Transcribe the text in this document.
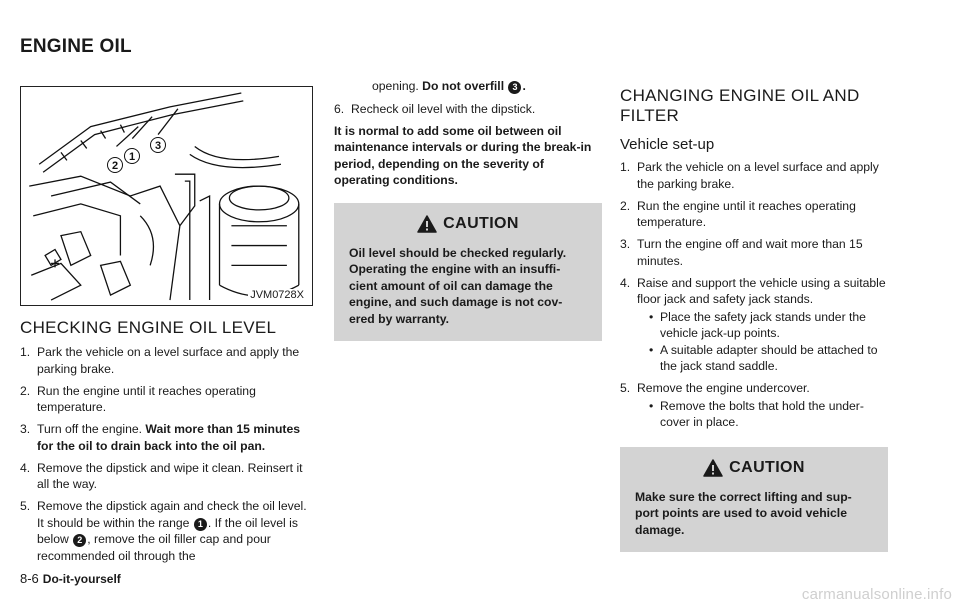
ENGINE OIL
2
1
3
JVM0728X
CHECKING ENGINE OIL LEVEL
1. Park the vehicle on a level surface and apply the parking brake.
2. Run the engine until it reaches operating temperature.
3. Turn off the engine. Wait more than 15 minutes for the oil to drain back into the oil pan.
4. Remove the dipstick and wipe it clean. Reinsert it all the way.
5. Remove the dipstick again and check the oil level. It should be within the range 1 . If the oil level is below 2 , remove the oil filler cap and pour recommended oil through the
opening. Do not overfill 3 .
6. Recheck oil level with the dipstick.

It is normal to add some oil between oil maintenance intervals or during the break-in period, depending on the severity of operating conditions.

CAUTION
Oil level should be checked regularly. Operating the engine with an insuffi-cient amount of oil can damage the engine, and such damage is not cov-ered by warranty.
CHANGING ENGINE OIL AND FILTER
Vehicle set-up
1. Park the vehicle on a level surface and apply the parking brake.
2. Run the engine until it reaches operating temperature.
3. Turn the engine off and wait more than 15 minutes.
4. Raise and support the vehicle using a suitable floor jack and safety jack stands.
• Place the safety jack stands under the vehicle jack-up points.
• A suitable adapter should be attached to the jack stand saddle.
5. Remove the engine undercover.
• Remove the bolts that hold the under-cover in place.
CAUTION
Make sure the correct lifting and sup-port points are used to avoid vehicle damage.
8-6 Do-it-yourself
carmanualsonline.info
